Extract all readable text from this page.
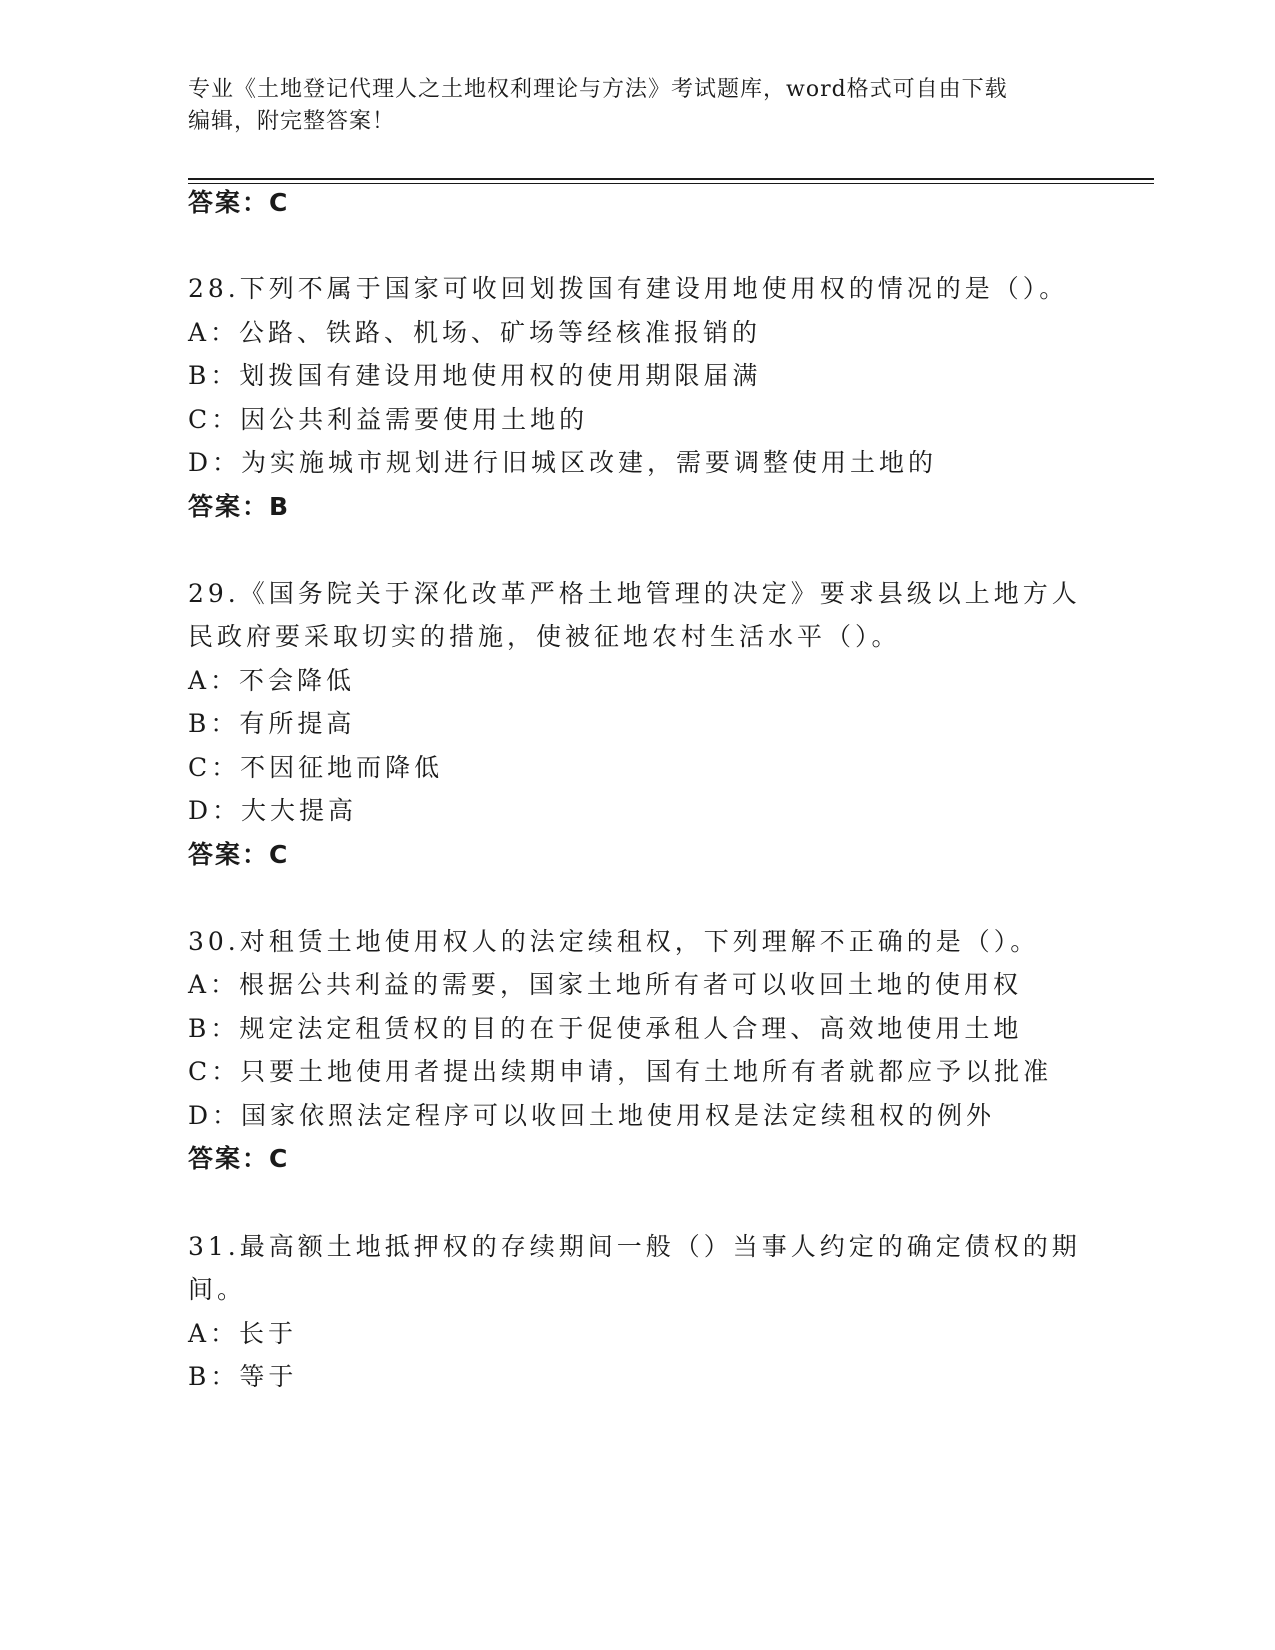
专业《土地登记代理人之土地权利理论与方法》考试题库，word格式可自由下载
编辑，附完整答案！
答案：C
28.下列不属于国家可收回划拨国有建设用地使用权的情况的是（）。
A：公路、铁路、机场、矿场等经核准报销的
B：划拨国有建设用地使用权的使用期限届满
C：因公共利益需要使用土地的
D：为实施城市规划进行旧城区改建，需要调整使用土地的
答案：B
29.《国务院关于深化改革严格土地管理的决定》要求县级以上地方人
民政府要采取切实的措施，使被征地农村生活水平（）。
A：不会降低
B：有所提高
C：不因征地而降低
D：大大提高
答案：C
30.对租赁土地使用权人的法定续租权，下列理解不正确的是（）。
A：根据公共利益的需要，国家土地所有者可以收回土地的使用权
B：规定法定租赁权的目的在于促使承租人合理、高效地使用土地
C：只要土地使用者提出续期申请，国有土地所有者就都应予以批准
D：国家依照法定程序可以收回土地使用权是法定续租权的例外
答案：C
31.最高额土地抵押权的存续期间一般（）当事人约定的确定债权的期
间。
A：长于
B：等于
